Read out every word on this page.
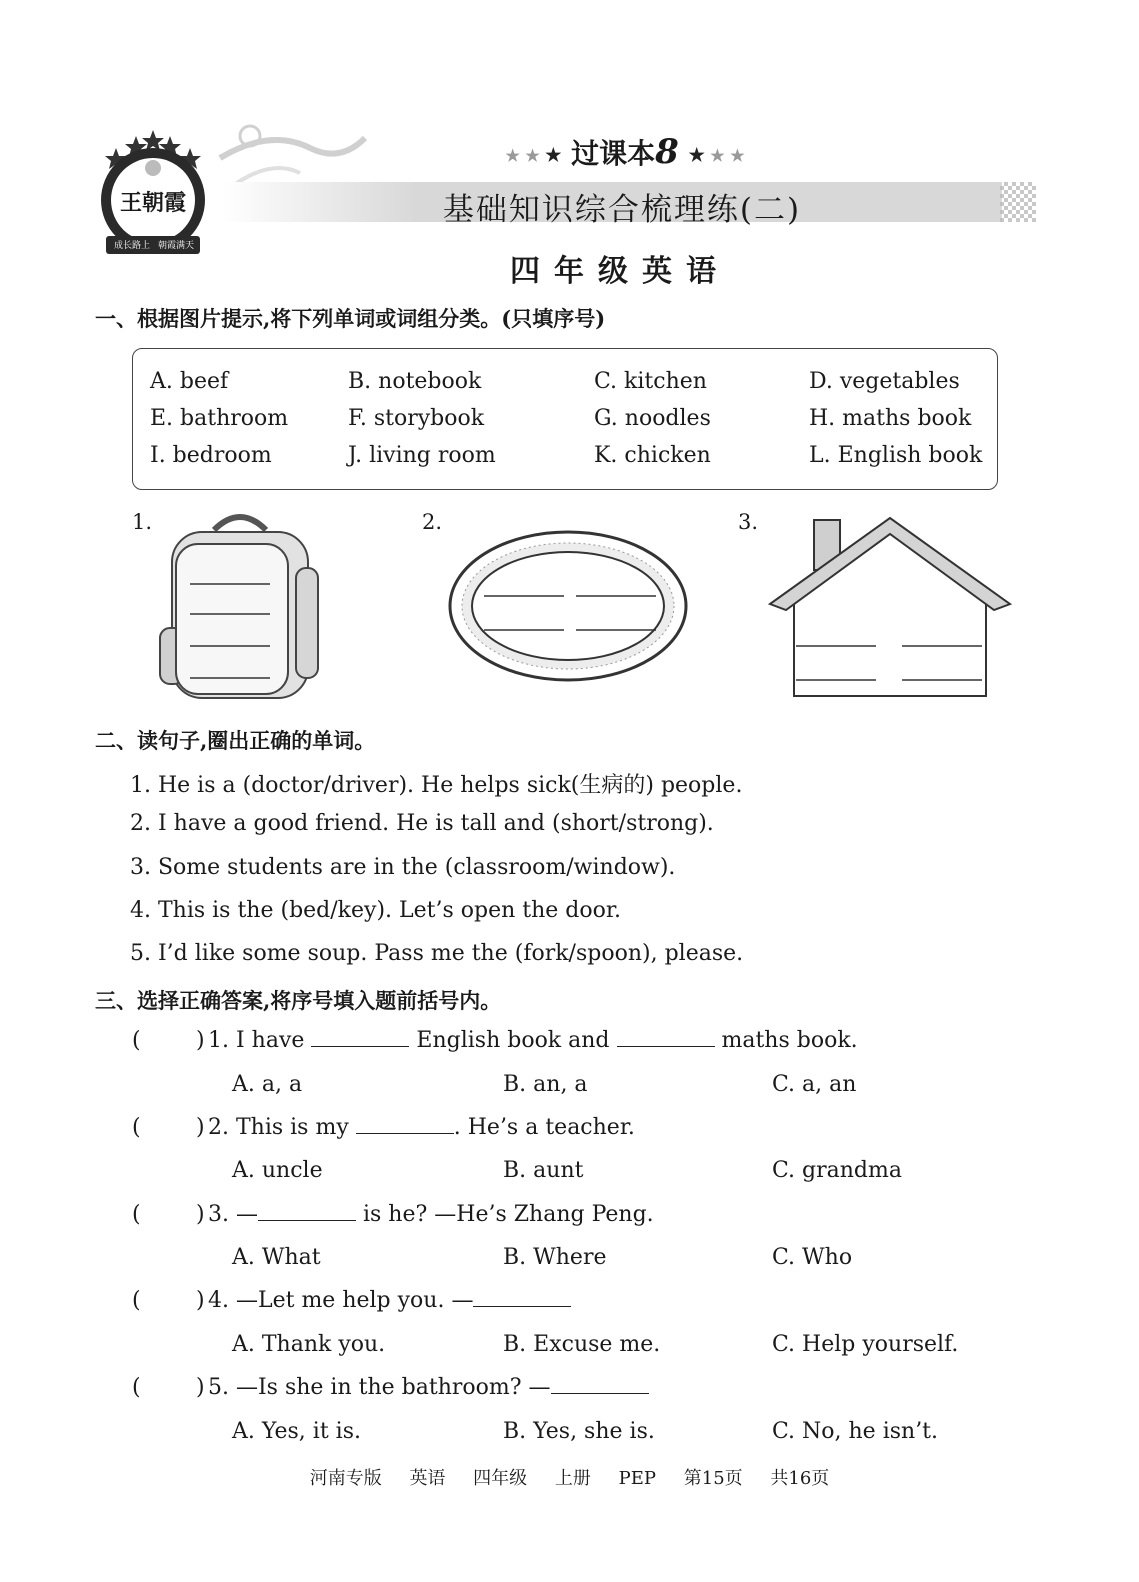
王朝霞
成长路上 朝霞满天
★ ★ ★ 过课本8 ★ ★ ★
基础知识综合梳理练(二)
四年级英语
一、根据图片提示,将下列单词或词组分类。(只填序号)
A. beef	B. notebook	C. kitchen	D. vegetables
E. bathroom	F. storybook	G. noodles	H. maths book
I. bedroom	J. living room	K. chicken	L. English book
1.	2.	3.
二、读句子,圈出正确的单词。
1. He is a (doctor/driver). He helps sick(生病的) people.
2. I have a good friend. He is tall and (short/strong).
3. Some students are in the (classroom/window).
4. This is the (bed/key). Let’s open the door.
5. I’d like some soup. Pass me the (fork/spoon), please.
三、选择正确答案,将序号填入题前括号内。
(	) 1. I have	English book and	maths book.
A. a, a	B. an, a	C. a, an
(	) 2. This is my	. He’s a teacher.
A. uncle	B. aunt	C. grandma
(	) 3. —	is he? —He’s Zhang Peng.
A. What	B. Where	C. Who
(	) 4. —Let me help you. —
A. Thank you.	B. Excuse me.	C. Help yourself.
(	) 5. —Is she in the bathroom? —
A. Yes, it is.	B. Yes, she is.	C. No, he isn’t.
河南专版 英语 四年级 上册 PEP 第15页 共16页
